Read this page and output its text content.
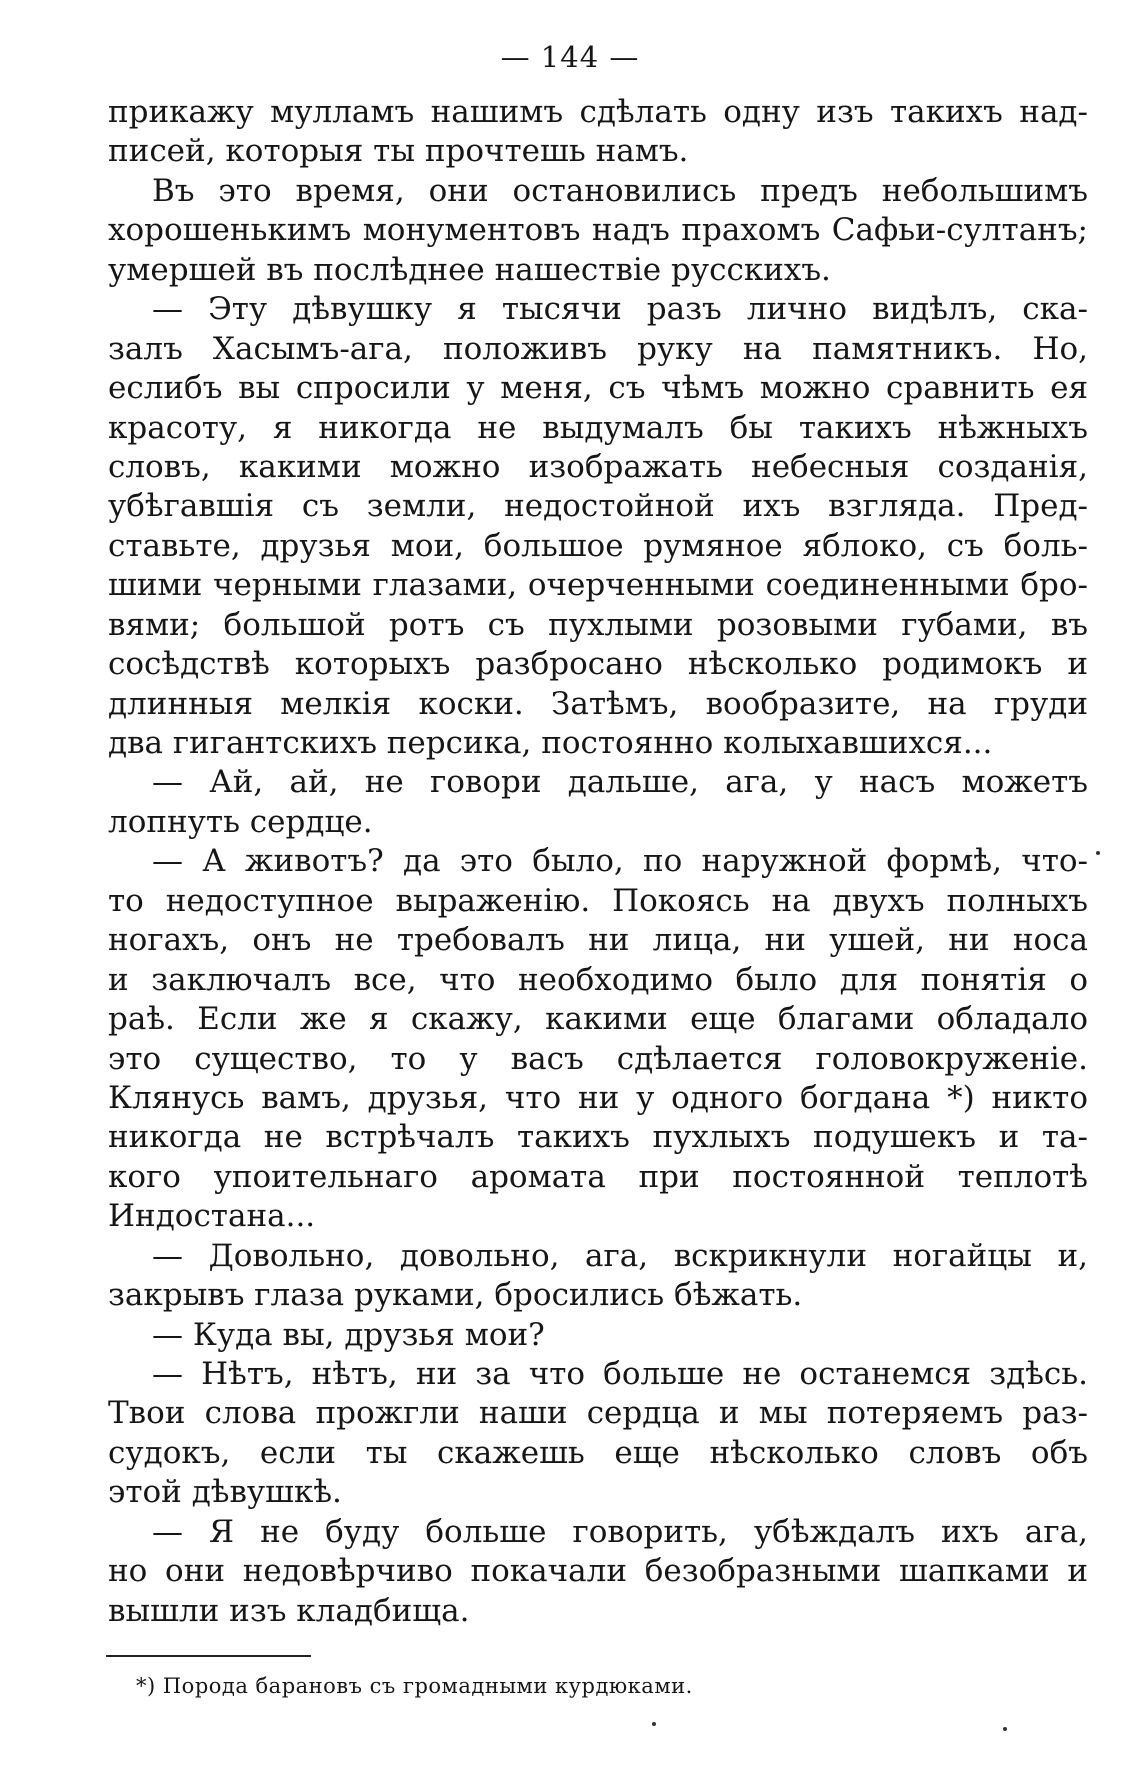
— 144 —
прикажу мулламъ нашимъ сдѣлать одну изъ такихъ над-
писей, которыя ты прочтешь намъ.
Въ это время, они остановились предъ небольшимъ
хорошенькимъ монументовъ надъ прахомъ Сафьи-султанъ;
умершей въ послѣднее нашествіе русскихъ.
— Эту дѣвушку я тысячи разъ лично видѣлъ, ска-
залъ Хасымъ-ага, положивъ руку на памятникъ. Но,
еслибъ вы спросили у меня, съ чѣмъ можно сравнить ея
красоту, я никогда не выдумалъ бы такихъ нѣжныхъ
словъ, какими можно изображать небесныя созданія,
убѣгавшія съ земли, недостойной ихъ взгляда. Пред-
ставьте, друзья мои, большое румяное яблоко, съ боль-
шими черными глазами, очерченными соединенными бро-
вями; большой ротъ съ пухлыми розовыми губами, въ
сосѣдствѣ которыхъ разбросано нѣсколько родимокъ и
длинныя мелкія коски. Затѣмъ, вообразите, на груди
два гигантскихъ персика, постоянно колыхавшихся...
— Ай, ай, не говори дальше, ага, у насъ можетъ
лопнуть сердце.
— А животъ? да это было, по наружной формѣ, что-
то недоступное выраженію. Покоясь на двухъ полныхъ
ногахъ, онъ не требовалъ ни лица, ни ушей, ни носа
и заключалъ все, что необходимо было для понятія о
раѣ. Если же я скажу, какими еще благами обладало
это существо, то у васъ сдѣлается головокруженіе.
Клянусь вамъ, друзья, что ни у одного богдана *) никто
никогда не встрѣчалъ такихъ пухлыхъ подушекъ и та-
кого упоительнаго аромата при постоянной теплотѣ
Индостана...
— Довольно, довольно, ага, вскрикнули ногайцы и,
закрывъ глаза руками, бросились бѣжать.
— Куда вы, друзья мои?
— Нѣтъ, нѣтъ, ни за что больше не останемся здѣсь.
Твои слова прожгли наши сердца и мы потеряемъ раз-
судокъ, если ты скажешь еще нѣсколько словъ объ
этой дѣвушкѣ.
— Я не буду больше говорить, убѣждалъ ихъ ага,
но они недовѣрчиво покачали безобразными шапками и
вышли изъ кладбища.
*) Порода барановъ съ громадными курдюками.
